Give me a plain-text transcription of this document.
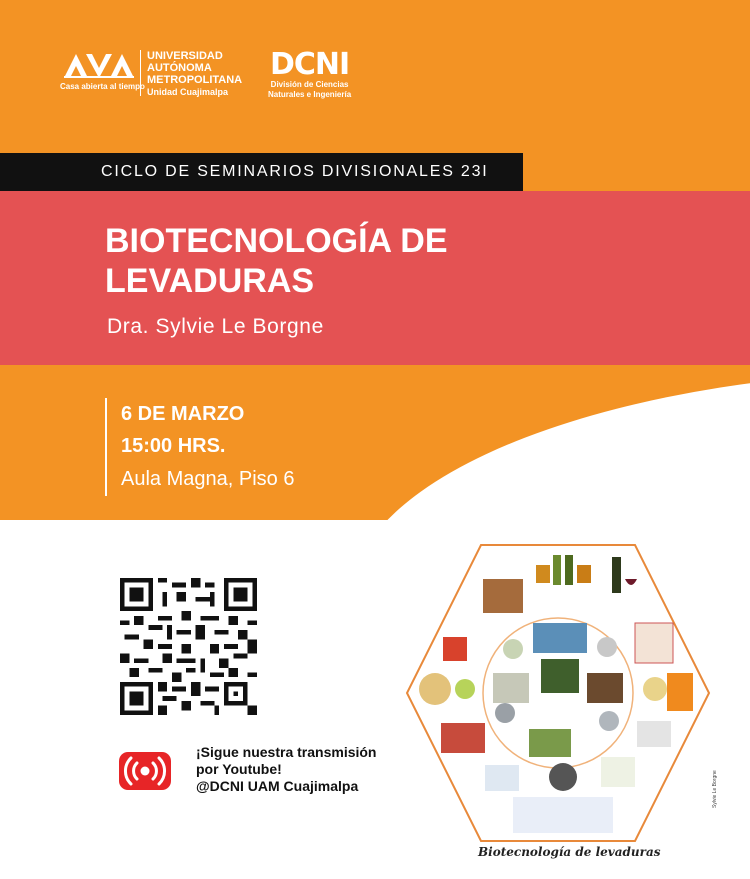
Casa abierta al tiempo
UNIVERSIDAD
AUTÓNOMA
METROPOLITANA
Unidad Cuajimalpa
DCNI
División de Ciencias
Naturales e Ingeniería
CICLO DE SEMINARIOS DIVISIONALES 23I
BIOTECNOLOGÍA DE
LEVADURAS
Dra. Sylvie Le Borgne
6 DE MARZO
15:00 HRS.
Aula Magna, Piso 6
¡Sigue nuestra transmisión
por Youtube!
@DCNI UAM Cuajimalpa
Biotecnología de levaduras
Sylvie Le Borgne
